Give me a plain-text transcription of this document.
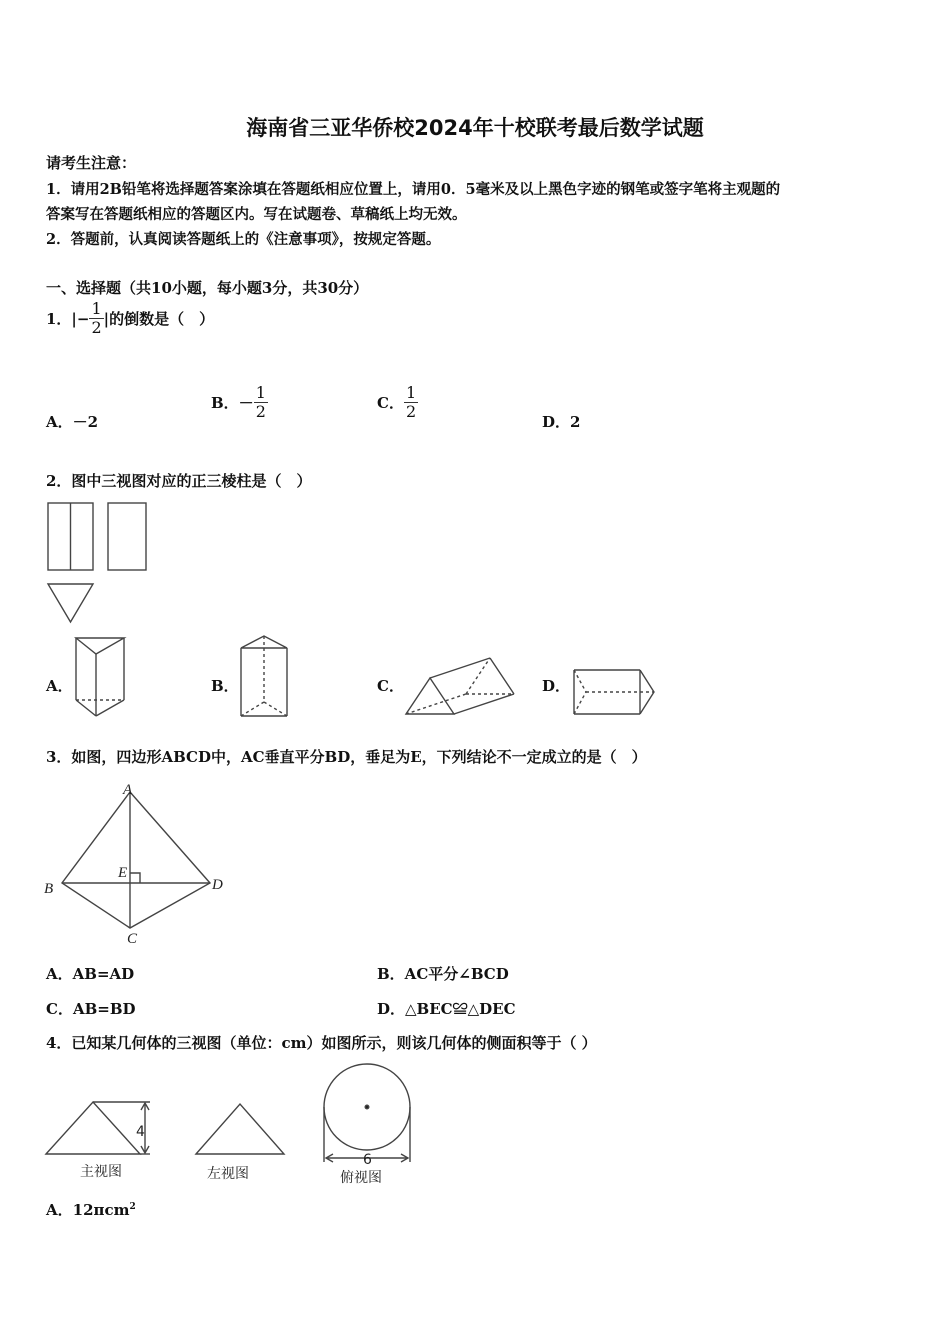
海南省三亚华侨校2024年十校联考最后数学试题
请考生注意：
1．请用2B铅笔将选择题答案涂填在答题纸相应位置上，请用0．5毫米及以上黑色字迹的钢笔或签字笔将主观题的
答案写在答题纸相应的答题区内。写在试题卷、草稿纸上均无效。
2．答题前，认真阅读答题纸上的《注意事项》，按规定答题。
一、选择题（共10小题，每小题3分，共30分）
1．|− $\frac{1}{2}$ |的倒数是（　）
A．－2
B．－ $\frac{1}{2}$	C． $\frac{1}{2}$
D．2
2．图中三视图对应的正三棱柱是（　）
A．	B．	C．	D．
3．如图，四边形ABCD中，AC垂直平分BD，垂足为E，下列结论不一定成立的是（　）
A
B
C
D
E
A．AB=AD	B．AC平分∠BCD
C．AB=BD	D．△BEC≌△DEC
4．已知某几何体的三视图（单位：cm）如图所示，则该几何体的侧面积等于（ ）
4
主视图	左视图
6
俯视图
A．12πcm$^2$
